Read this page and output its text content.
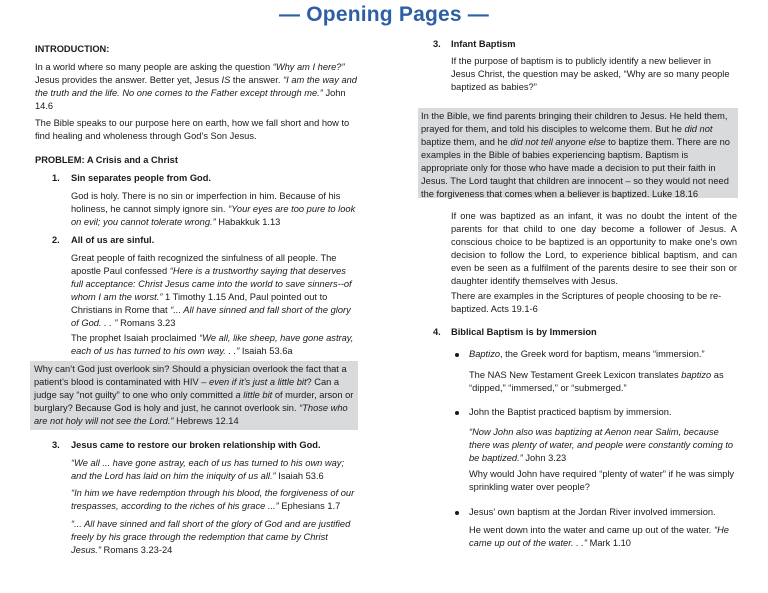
— Opening Pages —

INTRODUCTION:

In a world where so many people are asking the question “Why am I here?” Jesus provides the answer. Better yet, Jesus IS the answer. “I am the way and the truth and the life. No one comes to the Father except through me.” John 14.6

The Bible speaks to our purpose here on earth, how we fall short and how to find healing and wholeness through God’s Son Jesus.

PROBLEM: A Crisis and a Christ

1. Sin separates people from God.

God is holy. There is no sin or imperfection in him. Because of his holiness, he cannot simply ignore sin. “Your eyes are too pure to look on evil; you cannot tolerate wrong.” Habakkuk 1.13

2. All of us are sinful.

Great people of faith recognized the sinfulness of all people. The apostle Paul confessed “Here is a trustworthy saying that deserves full acceptance: Christ Jesus came into the world to save sinners--of whom I am the worst.” 1 Timothy 1.15 And, Paul pointed out to Christians in Rome that “... All have sinned and fall short of the glory of God. . . ” Romans 3.23

The prophet Isaiah proclaimed “We all, like sheep, have gone astray, each of us has turned to his own way. . .” Isaiah 53.6a

Why can’t God just overlook sin? Should a physician overlook the fact that a patient’s blood is contaminated with HIV – even if it’s just a little bit? Can a judge say “not guilty” to one who only committed a little bit of murder, arson or burglary? Because God is holy and just, he cannot overlook sin. “Those who are not holy will not see the Lord.” Hebrews 12.14

3. Jesus came to restore our broken relationship with God.

“We all ... have gone astray, each of us has turned to his own way; and the Lord has laid on him the iniquity of us all.” Isaiah 53.6

“In him we have redemption through his blood, the forgiveness of our trespasses, according to the riches of his grace ...” Ephesians 1.7

“... All have sinned and fall short of the glory of God and are justified freely by his grace through the redemption that came by Christ Jesus.” Romans 3.23-24

3. Infant Baptism

If the purpose of baptism is to publicly identify a new believer in Jesus Christ, the question may be asked, “Why are so many people baptized as babies?”

In the Bible, we find parents bringing their children to Jesus. He held them, prayed for them, and told his disciples to welcome them. But he did not baptize them, and he did not tell anyone else to baptize them. There are no examples in the Bible of babies experiencing baptism. Baptism is appropriate only for those who have made a decision to put their faith in Jesus. The Lord taught that children are innocent – so they would not need the forgiveness that comes when a believer is baptized. Luke 18.16

If one was baptized as an infant, it was no doubt the intent of the parents for that child to one day become a follower of Jesus. A conscious choice to be baptized is an opportunity to make one’s own decision to follow the Lord, to experience biblical baptism, and can even be seen as a fulfilment of the parents desire to see their son or daughter identify themselves with Jesus.

There are examples in the Scriptures of people choosing to be re-baptized. Acts 19.1-6

4. Biblical Baptism is by Immersion
Baptizo, the Greek word for baptism, means “immersion.”

The NAS New Testament Greek Lexicon translates baptizo as “dipped,” “immersed,” or “submerged.”

John the Baptist practiced baptism by immersion.

“Now John also was baptizing at Aenon near Salim, because there was plenty of water, and people were constantly coming to be baptized.” John 3.23

Why would John have required “plenty of water” if he was simply sprinkling water over people?

Jesus’ own baptism at the Jordan River involved immersion.

He went down into the water and came up out of the water. “He came up out of the water. . .” Mark 1.10
